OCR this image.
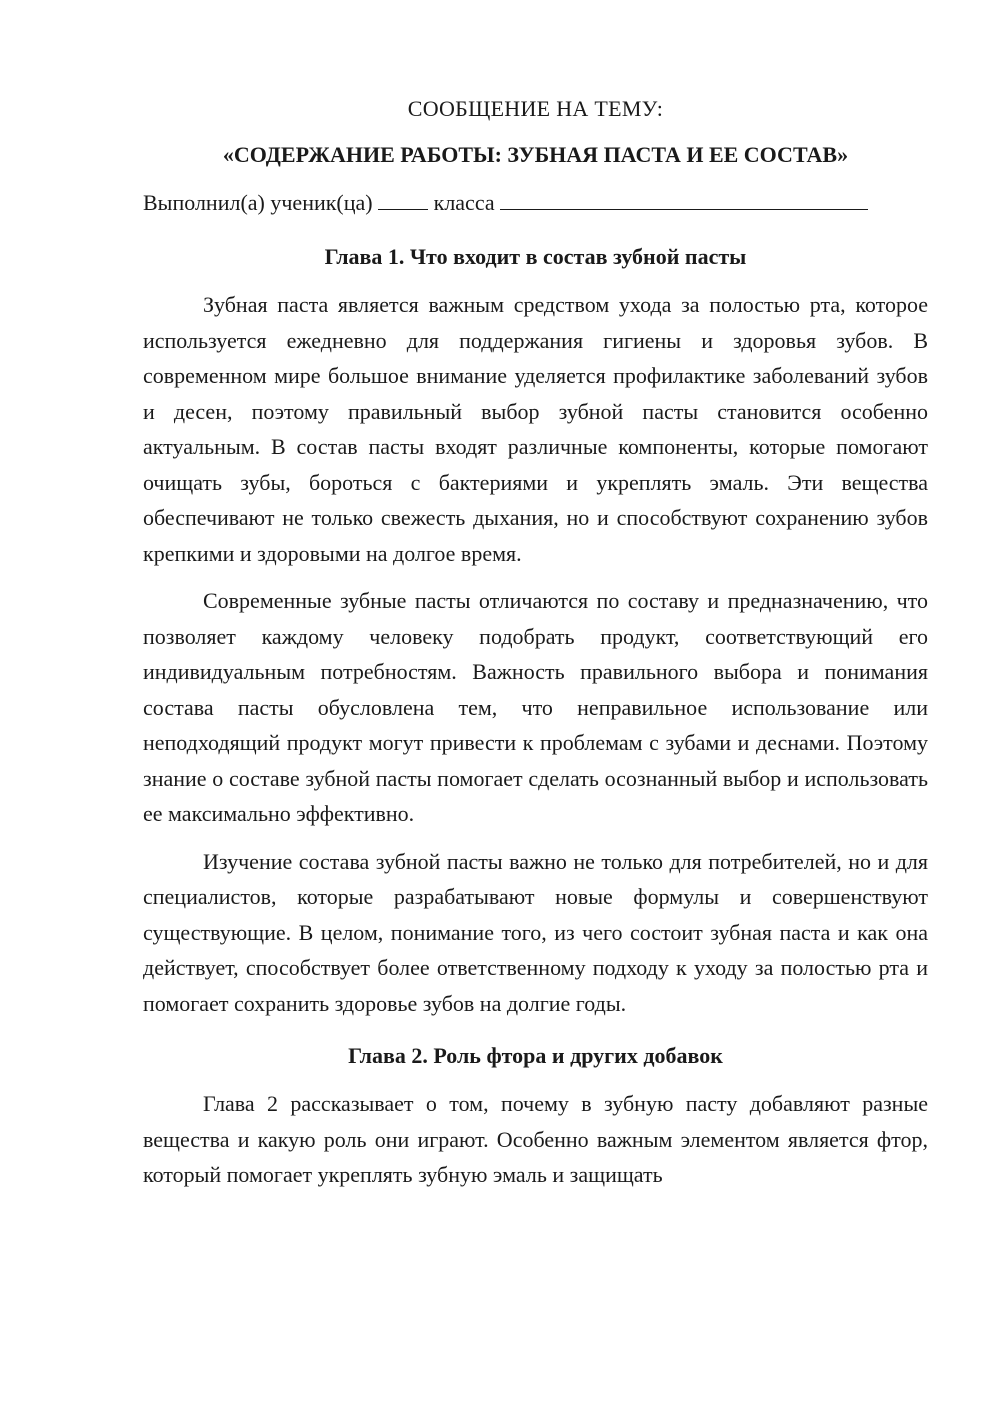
СООБЩЕНИЕ НА ТЕМУ:

«СОДЕРЖАНИЕ РАБОТЫ: ЗУБНАЯ ПАСТА И ЕЕ СОСТАВ»

Выполнил(а) ученик(ца)	класса

Глава 1. Что входит в состав зубной пасты

Зубная паста является важным средством ухода за полостью рта, которое используется ежедневно для поддержания гигиены и здоровья зубов. В современном мире большое внимание уделяется профилактике заболеваний зубов и десен, поэтому правильный выбор зубной пасты становится особенно актуальным. В состав пасты входят различные компоненты, которые помогают очищать зубы, бороться с бактериями и укреплять эмаль. Эти вещества обеспечивают не только свежесть дыхания, но и способствуют сохранению зубов крепкими и здоровыми на долгое время.

Современные зубные пасты отличаются по составу и предназначению, что позволяет каждому человеку подобрать продукт, соответствующий его индивидуальным потребностям. Важность правильного выбора и понимания состава пасты обусловлена тем, что неправильное использование или неподходящий продукт могут привести к проблемам с зубами и деснами. Поэтому знание о составе зубной пасты помогает сделать осознанный выбор и использовать ее максимально эффективно.

Изучение состава зубной пасты важно не только для потребителей, но и для специалистов, которые разрабатывают новые формулы и совершенствуют существующие. В целом, понимание того, из чего состоит зубная паста и как она действует, способствует более ответственному подходу к уходу за полостью рта и помогает сохранить здоровье зубов на долгие годы.

Глава 2. Роль фтора и других добавок

Глава 2 рассказывает о том, почему в зубную пасту добавляют разные вещества и какую роль они играют. Особенно важным элементом является фтор, который помогает укреплять зубную эмаль и защищать
